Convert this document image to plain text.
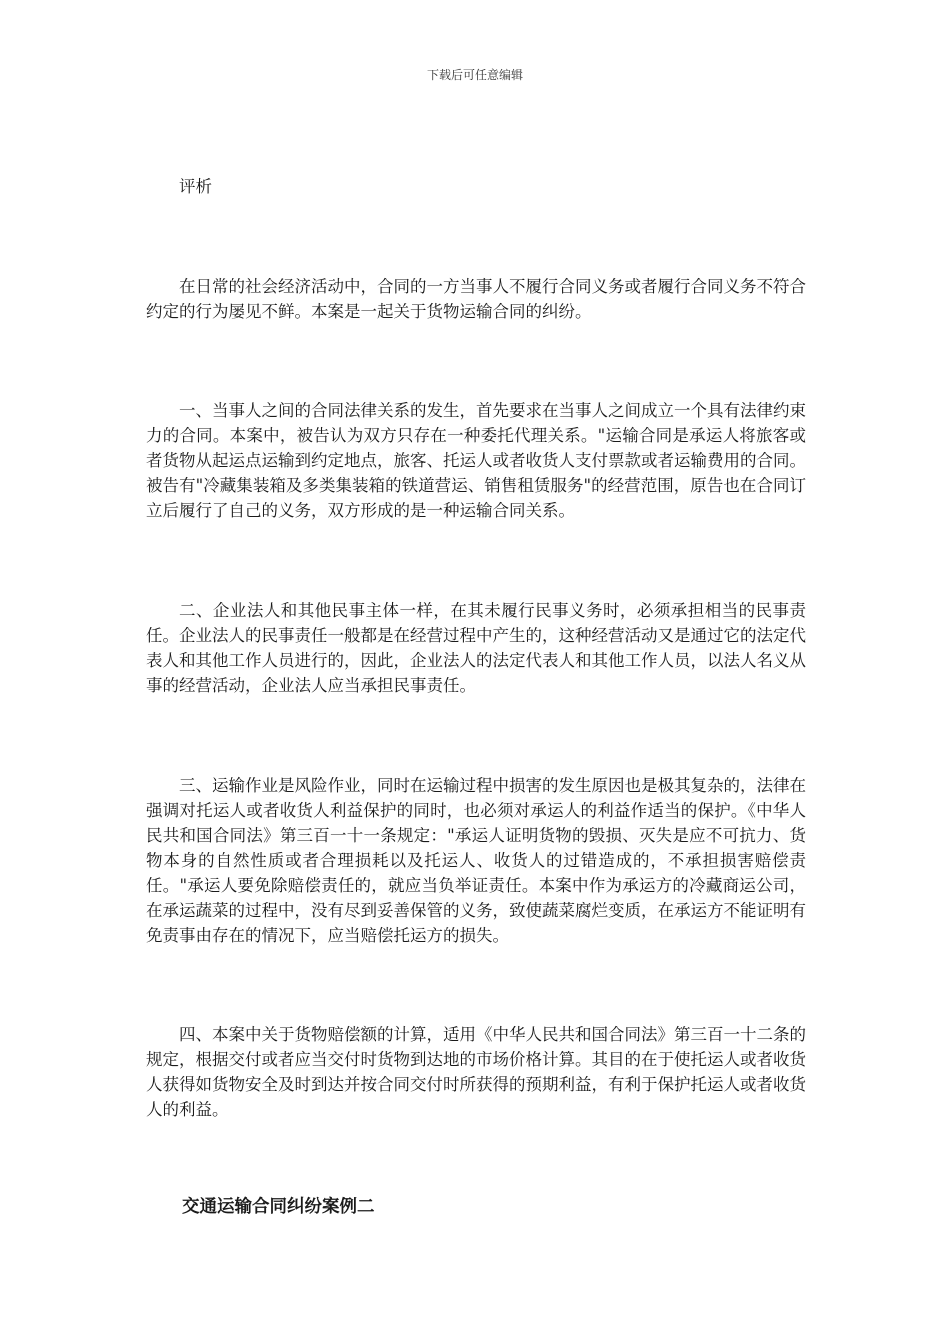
下载后可任意编辑

评析

在日常的社会经济活动中，合同的一方当事人不履行合同义务或者履行合同义务不符合约定的行为屡见不鲜。本案是一起关于货物运输合同的纠纷。

一、当事人之间的合同法律关系的发生，首先要求在当事人之间成立一个具有法律约束力的合同。本案中，被告认为双方只存在一种委托代理关系。"运输合同是承运人将旅客或者货物从起运点运输到约定地点，旅客、托运人或者收货人支付票款或者运输费用的合同。被告有"冷藏集装箱及多类集装箱的铁道营运、销售租赁服务"的经营范围，原告也在合同订立后履行了自己的义务，双方形成的是一种运输合同关系。

二、企业法人和其他民事主体一样，在其未履行民事义务时，必须承担相当的民事责任。企业法人的民事责任一般都是在经营过程中产生的，这种经营活动又是通过它的法定代表人和其他工作人员进行的，因此，企业法人的法定代表人和其他工作人员，以法人名义从事的经营活动，企业法人应当承担民事责任。

三、运输作业是风险作业，同时在运输过程中损害的发生原因也是极其复杂的，法律在强调对托运人或者收货人利益保护的同时，也必须对承运人的利益作适当的保护。《中华人民共和国合同法》第三百一十一条规定："承运人证明货物的毁损、灭失是应不可抗力、货物本身的自然性质或者合理损耗以及托运人、收货人的过错造成的，不承担损害赔偿责任。"承运人要免除赔偿责任的，就应当负举证责任。本案中作为承运方的冷藏商运公司，在承运蔬菜的过程中，没有尽到妥善保管的义务，致使蔬菜腐烂变质，在承运方不能证明有免责事由存在的情况下，应当赔偿托运方的损失。

四、本案中关于货物赔偿额的计算，适用《中华人民共和国合同法》第三百一十二条的规定，根据交付或者应当交付时货物到达地的市场价格计算。其目的在于使托运人或者收货人获得如货物安全及时到达并按合同交付时所获得的预期利益，有利于保护托运人或者收货人的利益。

交通运输合同纠纷案例二
